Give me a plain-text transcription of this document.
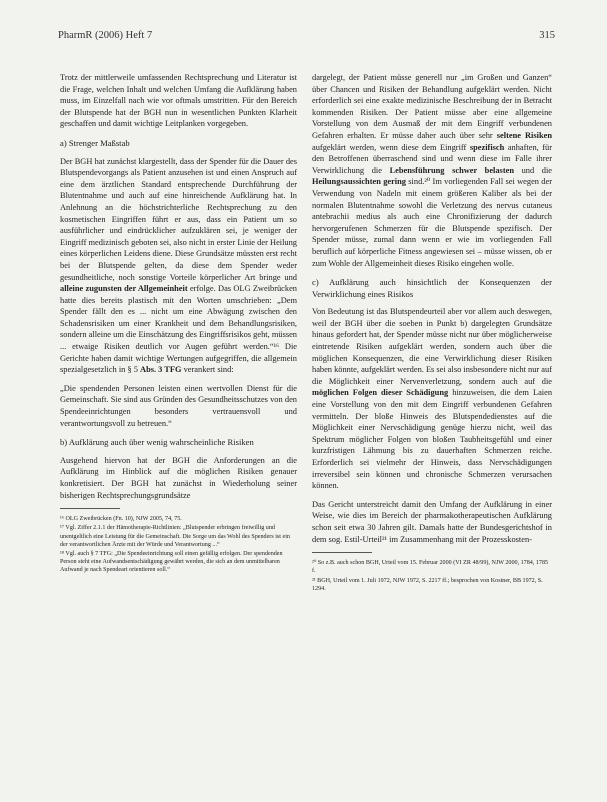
PharmR (2006) Heft 7	315

Trotz der mittlerweile umfassenden Rechtsprechung und Literatur ist die Frage, welchen Inhalt und welchen Umfang die Aufklärung haben muss, im Einzelfall nach wie vor oftmals umstritten. Für den Bereich der Blutspende hat der BGH nun in wesentlichen Punkten Klarheit geschaffen und damit wichtige Leitplanken vorgegeben.

a) Strenger Maßstab

Der BGH hat zunächst klargestellt, dass der Spender für die Dauer des Blutspendevorgangs als Patient anzusehen ist und einen Anspruch auf eine dem ärztlichen Standard entsprechende Durchführung der Blutentnahme und auch auf eine hinreichende Aufklärung hat. In Anlehnung an die höchstrichterliche Rechtsprechung zu den kosmetischen Eingriffen führt er aus, dass ein Patient um so ausführlicher und eindrücklicher aufzuklären sei, je weniger der Eingriff medizinisch geboten sei, also nicht in erster Linie der Heilung eines körperlichen Leidens diene. Diese Grundsätze müssten erst recht bei der Blutspende gelten, da diese dem Spender weder gesundheitliche, noch sonstige Vorteile körperlicher Art bringe und alleine zugunsten der Allgemeinheit erfolge. Das OLG Zweibrücken hatte dies bereits plastisch mit den Worten umschrieben: „Dem Spender fällt den es ... nicht um eine Abwägung zwischen den Schadensrisiken um einer Krankheit und dem Behandlungsrisiken, sondern alleine um die Einschätzung des Eingriffsrisikos geht, müssen ... etwaige Risiken deutlich vor Augen geführt werden.“¹⁶ Die Gerichte haben damit wichtige Wertungen aufgegriffen, die allgemein spezialgesetzlich in § 5 Abs. 3 TFG verankert sind:

„Die spendenden Personen leisten einen wertvollen Dienst für die Gemeinschaft. Sie sind aus Gründen des Gesundheitsschutzes von den Spendeeinrichtungen besonders vertrauensvoll und verantwortungsvoll zu betreuen.“
b) Aufklärung auch über wenig wahrscheinliche Risiken

Ausgehend hiervon hat der BGH die Anforderungen an die Aufklärung im Hinblick auf die möglichen Risiken genauer konkretisiert. Der BGH hat zunächst in Wiederholung seiner bisherigen Rechtsprechungsgrundsätze

¹⁶ OLG Zweibrücken (Fn. 10), NJW 2005, 74, 75.
¹⁷ Vgl. Ziffer 2.1.1 der Hämotherapie-Richtlinien: „Blutspender erbringen freiwillig und unentgeltlich eine Leistung für die Gemeinschaft. Die Sorge um das Wohl des Spenders ist ein der verantwortlichen Ärzte mit der Würde und Verantwortung ...“
¹⁸ Vgl. auch § 7 TFG: „Die Spendeeinrichtung soll einen gefällig erfolgen. Der spendenden Person steht eine Aufwandsentschädigung gewährt werden, die sich an dem unmittelbaren Aufwand je nach Spendeart orientieren soll.“

dargelegt, der Patient müsse generell nur „im Großen und Ganzen“ über Chancen und Risiken der Behandlung aufgeklärt werden. Nicht erforderlich sei eine exakte medizinische Beschreibung der in Betracht kommenden Risiken. Der Patient müsse aber eine allgemeine Vorstellung von dem Ausmaß der mit dem Eingriff verbundenen Gefahren erhalten. Er müsse daher auch über sehr seltene Risiken aufgeklärt werden, wenn diese dem Eingriff spezifisch anhaften, für den Betroffenen überraschend sind und wenn diese im Falle ihrer Verwirklichung die Lebensführung schwer belasten und die Heilungsaussichten gering sind.²⁰ Im vorliegenden Fall sei wegen der Verwendung von Nadeln mit einem größeren Kaliber als bei der normalen Blutentnahme sowohl die Verletzung des nervus cutaneus antebrachii medius als auch eine Chronifizierung der dadurch hervorgerufenen Schmerzen für die Blutspende spezifisch. Der Spender müsse, zumal dann wenn er wie im vorliegenden Fall beruflich auf körperliche Fitness angewiesen sei – müsse wissen, ob er zum Wohle der Allgemeinheit dieses Risiko eingehen wolle.

c) Aufklärung auch hinsichtlich der Konsequenzen der Verwirklichung eines Risikos

Von Bedeutung ist das Blutspendeurteil aber vor allem auch deswegen, weil der BGH über die soeben in Punkt b) dargelegten Grundsätze hinaus gefordert hat, der Spender müsse nicht nur über möglicherweise eintretende Risiken aufgeklärt werden, sondern auch über die möglichen Konsequenzen, die eine Verwirklichung dieser Risiken haben könnte, aufgeklärt werden. Es sei also insbesondere nicht nur auf die Möglichkeit einer Nervenverletzung, sondern auch auf die möglichen Folgen dieser Schädigung hinzuweisen, die dem Laien eine Vorstellung von den mit dem Eingriff verbundenen Gefahren vermitteln. Der bloße Hinweis des Blutspendedienstes auf die Möglichkeit einer Nervschädigung genüge hierzu nicht, weil das Spektrum möglicher Folgen von bloßen Taubheitsgefühl und einer kurzfristigen Lähmung bis zu dauerhaften Schmerzen reiche. Erforderlich sei vielmehr der Hinweis, dass Nervschädigungen irreversibel sein können und chronische Schmerzen verursachen können.

Das Gericht unterstreicht damit den Umfang der Aufklärung in einer Weise, wie dies im Bereich der pharmakotherapeutischen Aufklärung schon seit etwa 30 Jahren gilt. Damals hatte der Bundesgerichtshof in dem sog. Estil-Urteil²¹ im Zusammenhang mit der Prozesskosten-

²⁰ So z.B. auch schon BGH, Urteil vom 15. Februar 2000 (VI ZR 48/99), NJW 2000, 1784, 1785 f.
²¹ BGH, Urteil vom 1. Juli 1972, NJW 1972, S. 2217 ff.; besprochen von Kostner, BB 1972, S. 1294.
